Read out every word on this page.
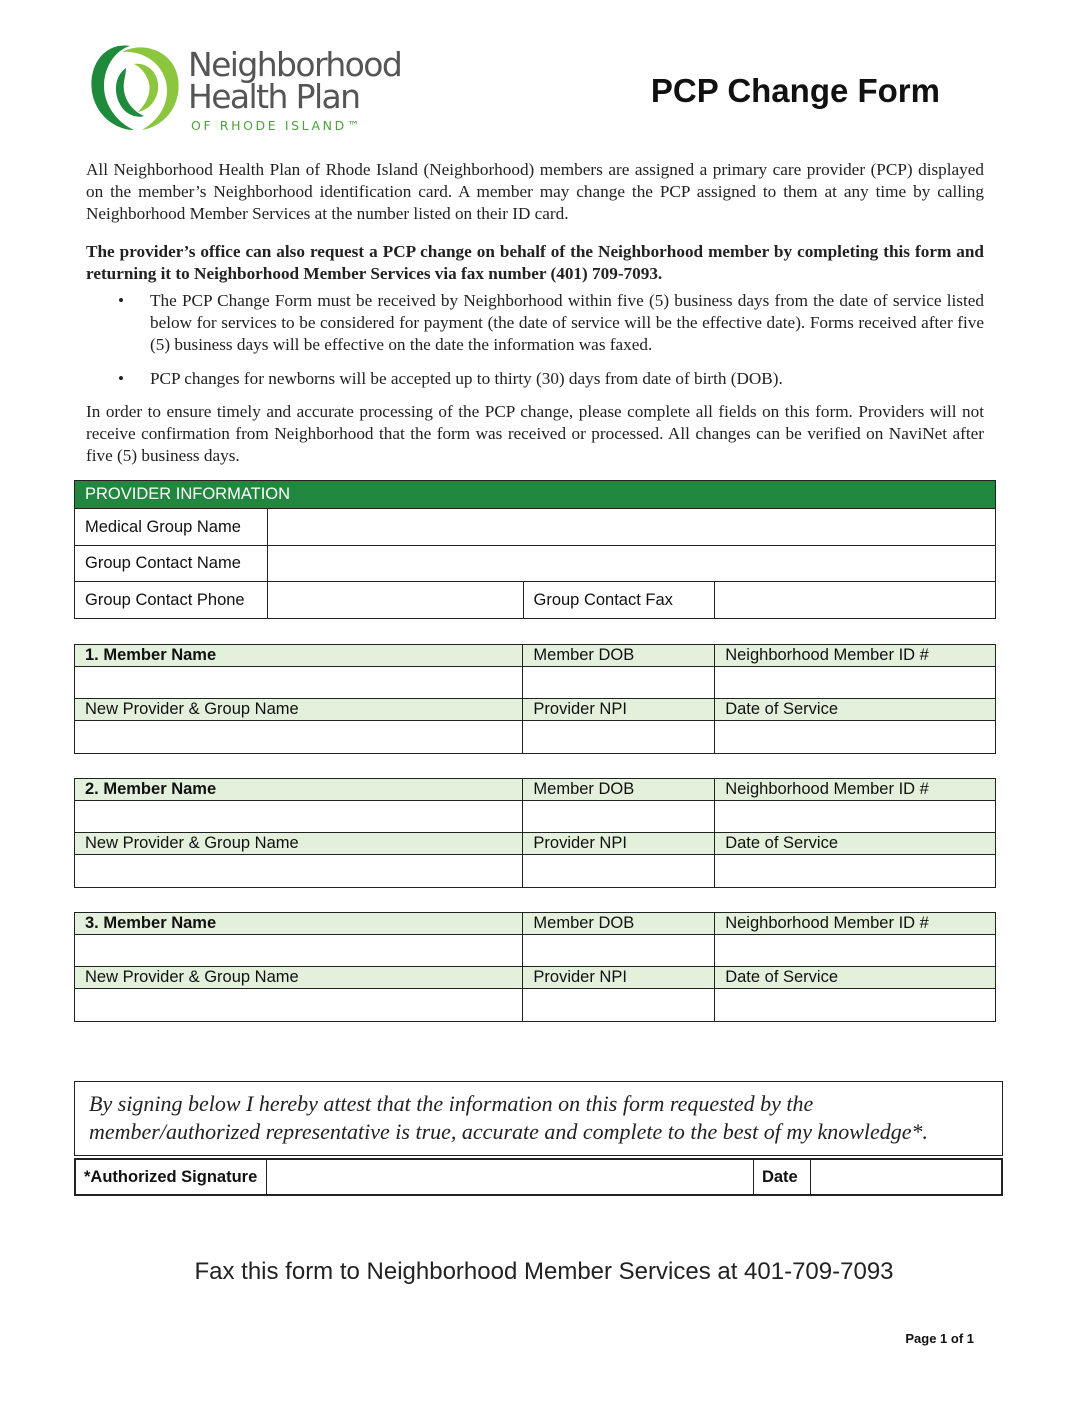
Neighborhood
Health Plan
OF RHODE ISLAND™
PCP Change Form
All Neighborhood Health Plan of Rhode Island (Neighborhood) members are assigned a primary care provider (PCP) displayed on the member’s Neighborhood identification card. A member may change the PCP assigned to them at any time by calling Neighborhood Member Services at the number listed on their ID card.
The provider’s office can also request a PCP change on behalf of the Neighborhood member by completing this form and returning it to Neighborhood Member Services via fax number (401) 709-7093.
• The PCP Change Form must be received by Neighborhood within five (5) business days from the date of service listed below for services to be considered for payment (the date of service will be the effective date). Forms received after five (5) business days will be effective on the date the information was faxed.
• PCP changes for newborns will be accepted up to thirty (30) days from date of birth (DOB).
In order to ensure timely and accurate processing of the PCP change, please complete all fields on this form. Providers will not receive confirmation from Neighborhood that the form was received or processed. All changes can be verified on NaviNet after five (5) business days.
PROVIDER INFORMATION			
Medical Group Name			
Group Contact Name			
Group Contact Phone		Group Contact Fax	
1. Member Name	Member DOB	Neighborhood Member ID #

New Provider & Group Name	Provider NPI	Date of Service

2. Member Name	Member DOB	Neighborhood Member ID #

New Provider & Group Name	Provider NPI	Date of Service

3. Member Name	Member DOB	Neighborhood Member ID #

New Provider & Group Name	Provider NPI	Date of Service

By signing below I hereby attest that the information on this form requested by the member/authorized representative is true, accurate and complete to the best of my knowledge*.
*Authorized Signature		Date	
Fax this form to Neighborhood Member Services at 401-709-7093
Page 1 of 1
